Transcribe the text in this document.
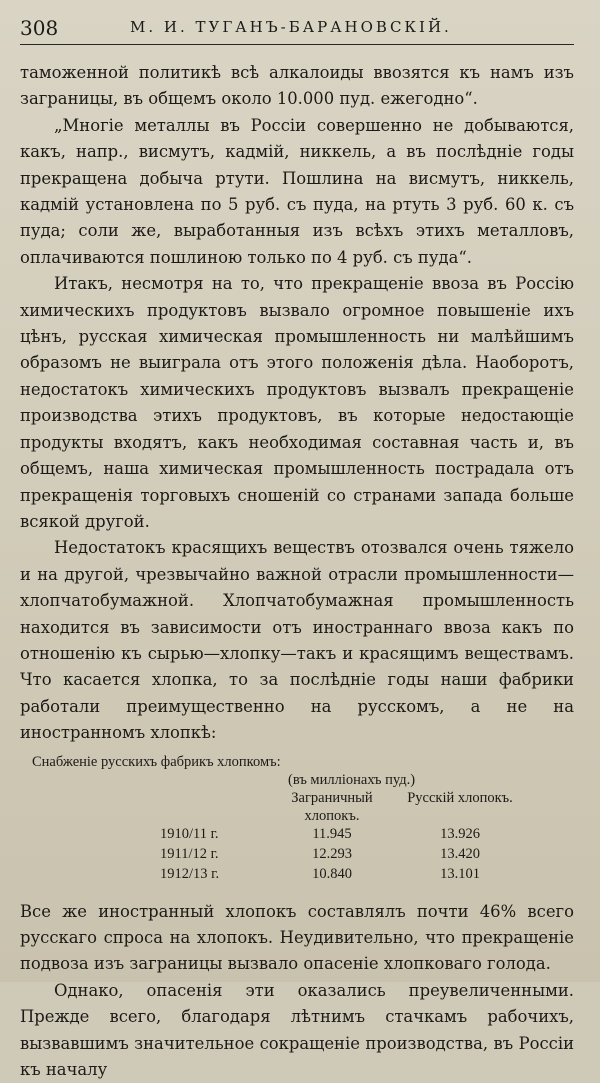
308	М. И. ТУГАНЪ-БАРАНОВСКIЙ.

таможенной политикѣ всѣ алкалоиды ввозятся къ намъ изъ заграницы, въ общемъ около 10.000 пуд. ежегодно“.

„Многiе металлы въ Россiи совершенно не добываются, какъ, напр., висмутъ, кадмiй, никкель, а въ послѣднiе годы прекращена добыча ртути. Пошлина на висмутъ, никкель, кадмiй установлена по 5 руб. съ пуда, на ртуть 3 руб. 60 к. съ пуда; соли же, выработанныя изъ всѣхъ этихъ металловъ, оплачиваются пошлиною только по 4 руб. съ пуда“.

Итакъ, несмотря на то, что прекращенiе ввоза въ Россiю химическихъ продуктовъ вызвало огромное повышенiе ихъ цѣнъ, русская химическая промышленность ни малѣйшимъ образомъ не выиграла отъ этого положенiя дѣла. Наоборотъ, недостатокъ химическихъ продуктовъ вызвалъ прекращенiе производства этихъ продуктовъ, въ которые недостающiе продукты входятъ, какъ необходимая составная часть и, въ общемъ, наша химическая промышленность пострадала отъ прекращенiя торговыхъ сношенiй со странами запада больше всякой другой.

Недостатокъ красящихъ веществъ отозвался очень тяжело и на другой, чрезвычайно важной отрасли промышленности— хлопчатобумажной. Хлопчатобумажная промышленность находится въ зависимости отъ иностраннаго ввоза какъ по отношенiю къ сырью—хлопку—такъ и красящимъ веществамъ. Что касается хлопка, то за послѣднiе годы наши фабрики работали преимущественно на русскомъ, а не на иностранномъ хлопкѣ:

Снабженiе русскихъ фабрикъ хлопкомъ:
(въ миллiонахъ пуд.)
Заграничный хлопокъ.
Русскiй хлопокъ.
1910/11 г.	11.945	13.926
1911/12 г.	12.293	13.420
1912/13 г.	10.840	13.101

Все же иностранный хлопокъ составлялъ почти 46% всего русскаго спроса на хлопокъ. Неудивительно, что прекращенiе подвоза изъ заграницы вызвало опасенiе хлопковаго голода.

Однако, опасенiя эти оказались преувеличенными. Прежде всего, благодаря лѣтнимъ стачкамъ рабочихъ, вызвавшимъ значительное сокращенiе производства, въ Россiи къ началу
